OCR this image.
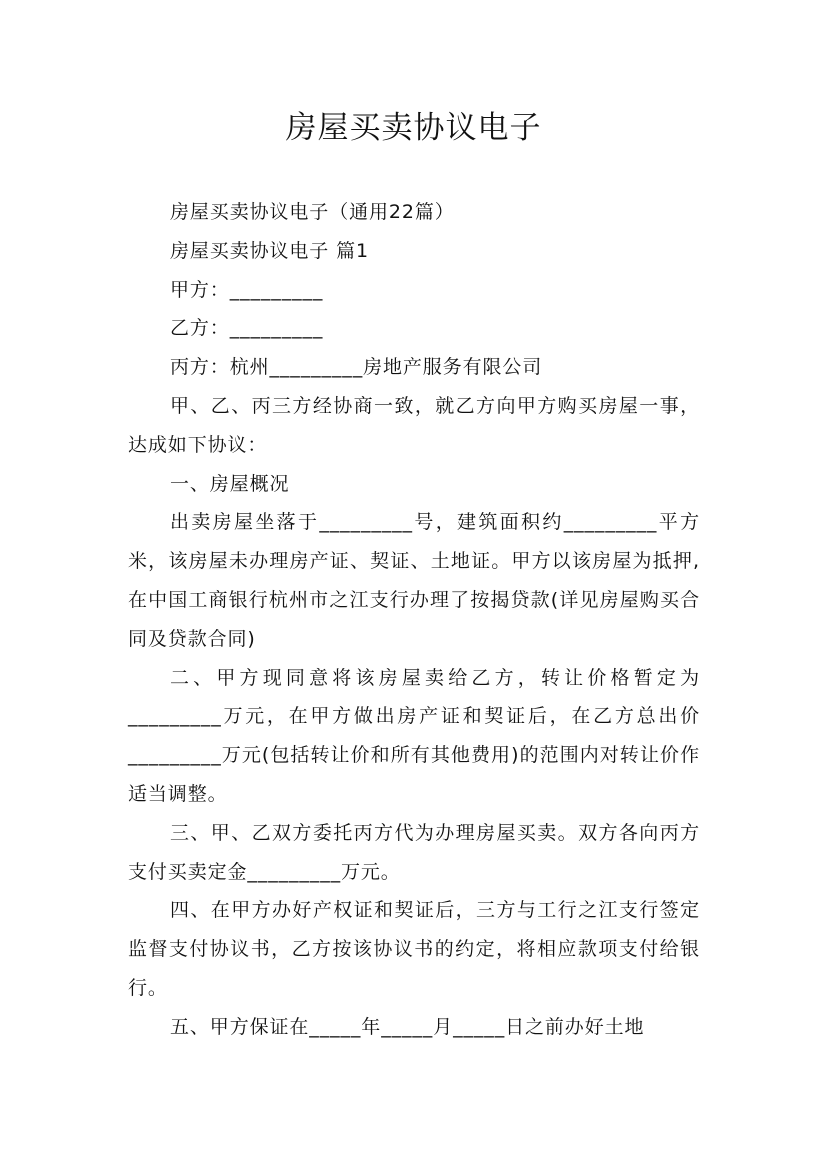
房屋买卖协议电子

房屋买卖协议电子（通用22篇）

房屋买卖协议电子 篇1

甲方：_________

乙方：_________

丙方：杭州_________房地产服务有限公司

甲、乙、丙三方经协商一致，就乙方向甲方购买房屋一事，达成如下协议：

一、房屋概况

出卖房屋坐落于_________号，建筑面积约_________平方米，该房屋未办理房产证、契证、土地证。甲方以该房屋为抵押,在中国工商银行杭州市之江支行办理了按揭贷款(详见房屋购买合同及贷款合同)

二、甲方现同意将该房屋卖给乙方，转让价格暂定为_________万元，在甲方做出房产证和契证后，在乙方总出价_________万元(包括转让价和所有其他费用)的范围内对转让价作适当调整。

三、甲、乙双方委托丙方代为办理房屋买卖。双方各向丙方支付买卖定金_________万元。

四、在甲方办好产权证和契证后，三方与工行之江支行签定监督支付协议书，乙方按该协议书的约定，将相应款项支付给银行。

五、甲方保证在_____年_____月_____日之前办好土地
